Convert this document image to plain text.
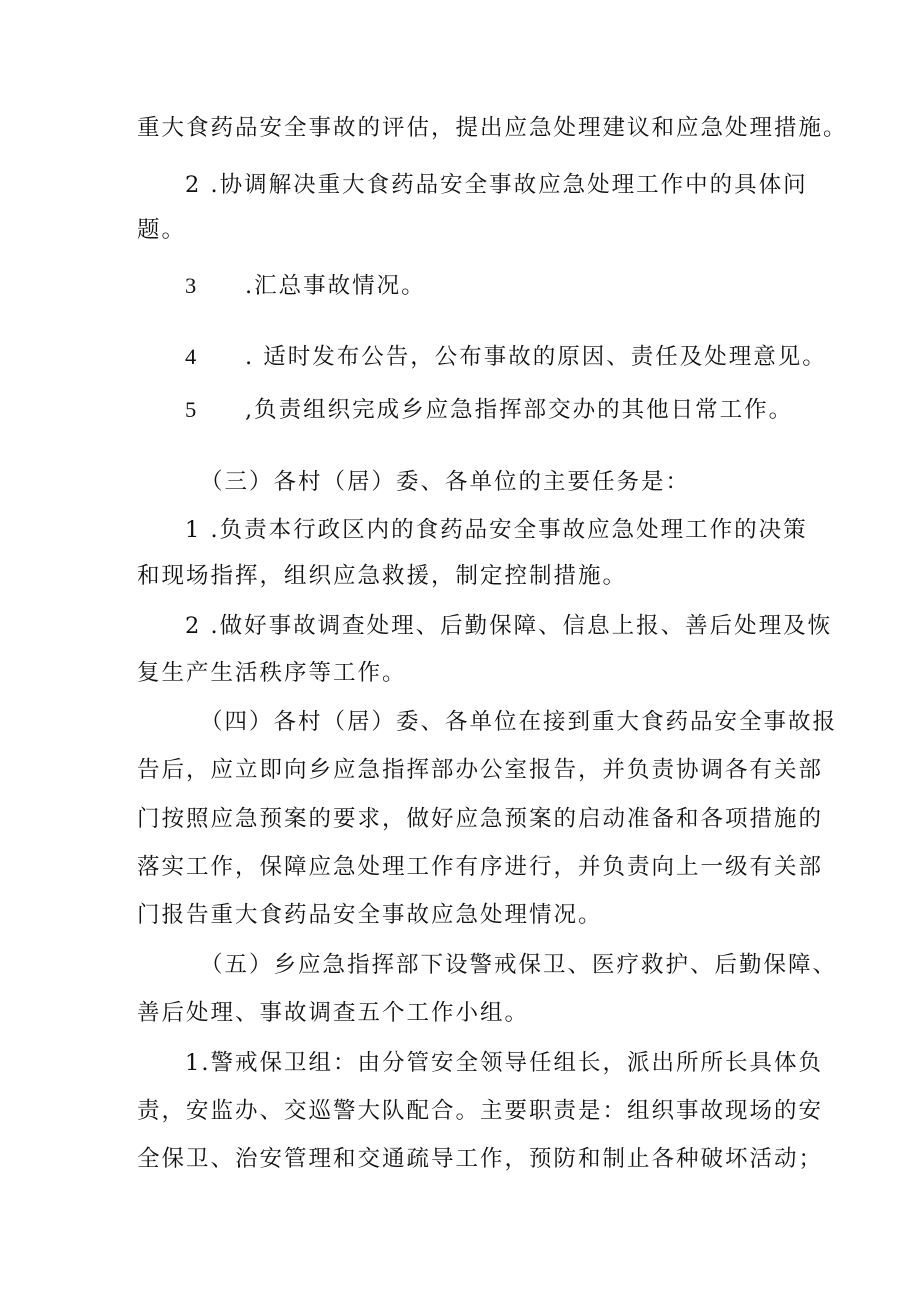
重大食药品安全事故的评估，提出应急处理建议和应急处理措施。
2 .协调解决重大食药品安全事故应急处理工作中的具体问
题。
3 .汇总事故情况。
4 . 适时发布公告，公布事故的原因、责任及处理意见。
5 ,负责组织完成乡应急指挥部交办的其他日常工作。
（三）各村（居）委、各单位的主要任务是：
1 .负责本行政区内的食药品安全事故应急处理工作的决策
和现场指挥，组织应急救援，制定控制措施。
2 .做好事故调查处理、后勤保障、信息上报、善后处理及恢
复生产生活秩序等工作。
（四）各村（居）委、各单位在接到重大食药品安全事故报
告后，应立即向乡应急指挥部办公室报告，并负责协调各有关部
门按照应急预案的要求，做好应急预案的启动准备和各项措施的
落实工作，保障应急处理工作有序进行，并负责向上一级有关部
门报告重大食药品安全事故应急处理情况。
（五）乡应急指挥部下设警戒保卫、医疗救护、后勤保障、
善后处理、事故调查五个工作小组。
1.警戒保卫组：由分管安全领导任组长，派出所所长具体负
责，安监办、交巡警大队配合。主要职责是：组织事故现场的安
全保卫、治安管理和交通疏导工作，预防和制止各种破坏活动；
